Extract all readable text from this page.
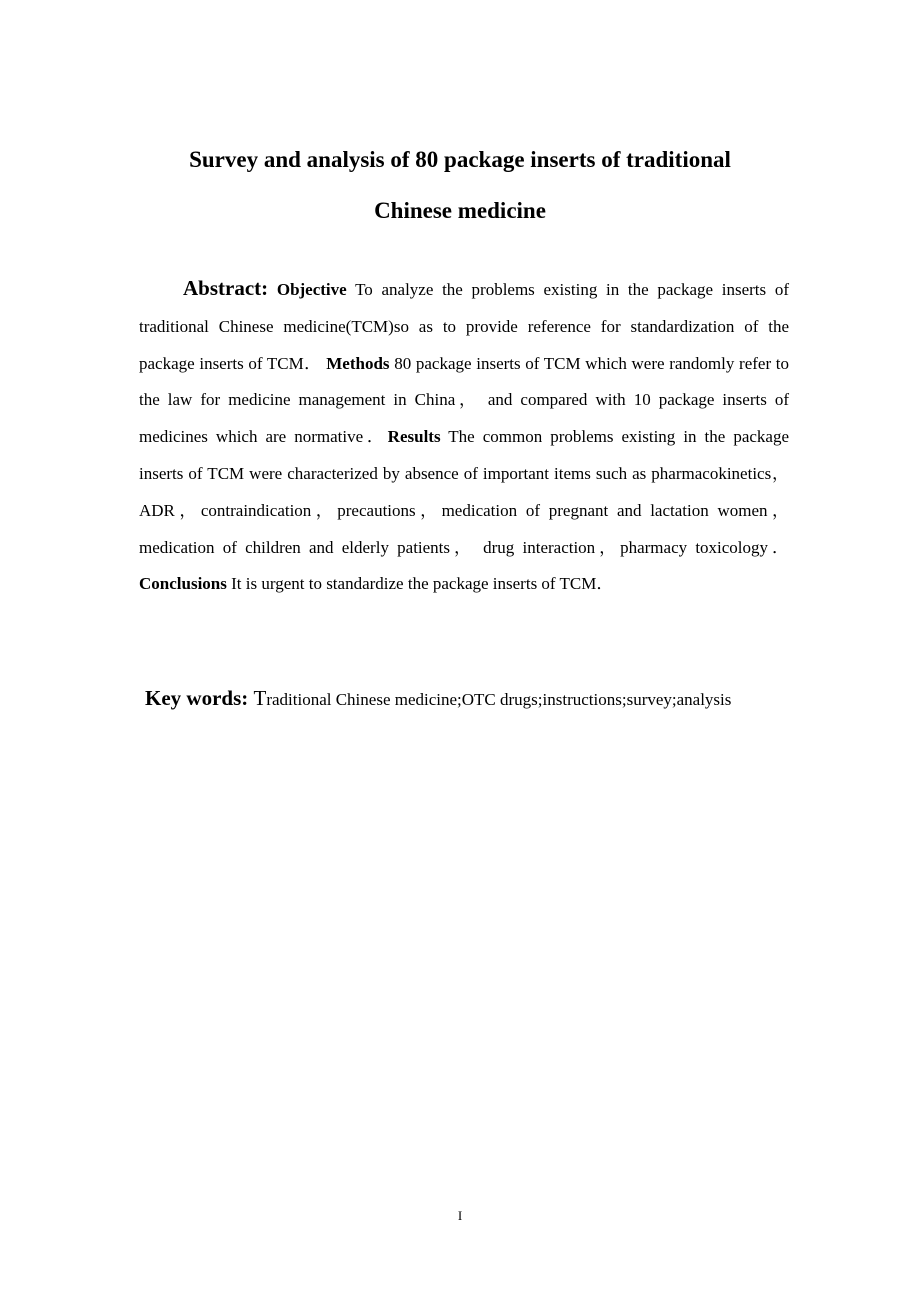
Survey and analysis of 80 package inserts of traditional
Chinese medicine

Abstract: Objective To analyze the problems existing in the package inserts of traditional Chinese medicine(TCM)so as to provide reference for standardization of the package inserts of TCM． Methods 80 package inserts of TCM which were randomly refer to the law for medicine management in China， and compared with 10 package inserts of medicines which are normative．Results The common problems existing in the package inserts of TCM were characterized by absence of important items such as pharmacokinetics，ADR，contraindication，precautions，medication of pregnant and lactation women， medication of children and elderly patients， drug interaction，pharmacy toxicology．Conclusions It is urgent to standardize the package inserts of TCM．

Key words: Traditional Chinese medicine;OTC drugs;instructions;survey;analysis
I
